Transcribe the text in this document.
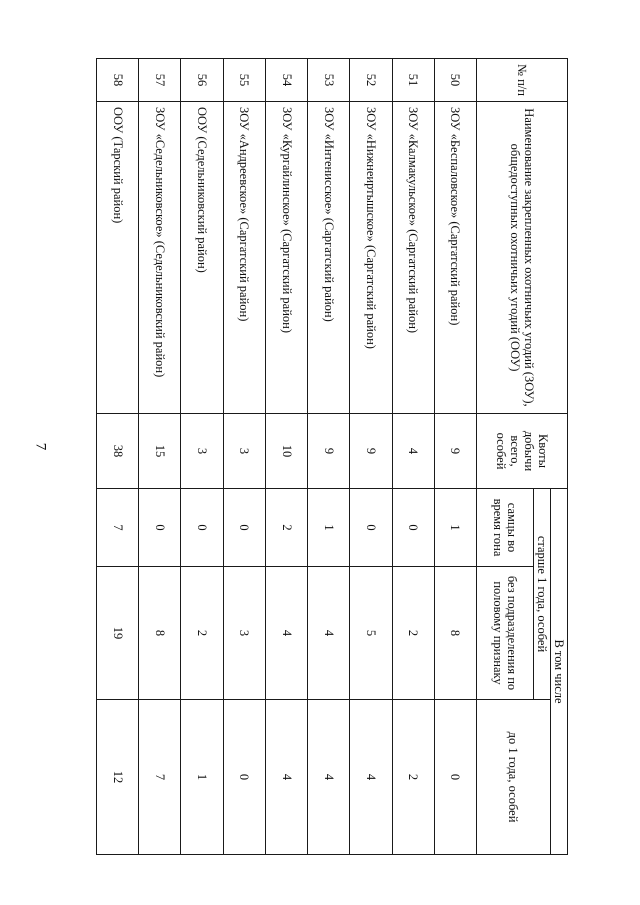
7
№ п/п	Наименование закрепленных охотничьих угодий (ЗОУ), общедоступных охотничьих угодий (ООУ)	Квоты добычи всего, особей	В том числе		
			старше 1 года, особей		до 1 года, особей
			самцы во время гона	без подразделения по половому признаку	
50	ЗОУ «Беспаловское» (Саргатский район)	9	1	8	0
51	ЗОУ «Калмакульское» (Саргатский район)	4	0	2	2
52	ЗОУ «Нижнеиртышское» (Саргатский район)	9	0	5	4
53	ЗОУ «Интенисское» (Саргатский район)	9	1	4	4
54	ЗОУ «Кургайлинское» (Саргатский район)	10	2	4	4
55	ЗОУ «Андреевское» (Саргатский район)	3	0	3	0
56	ООУ (Седельниковский район)	3	0	2	1
57	ЗОУ «Седельниковское» (Седельниковский район)	15	0	8	7
58	ООУ (Тарский район)	38	7	19	12
